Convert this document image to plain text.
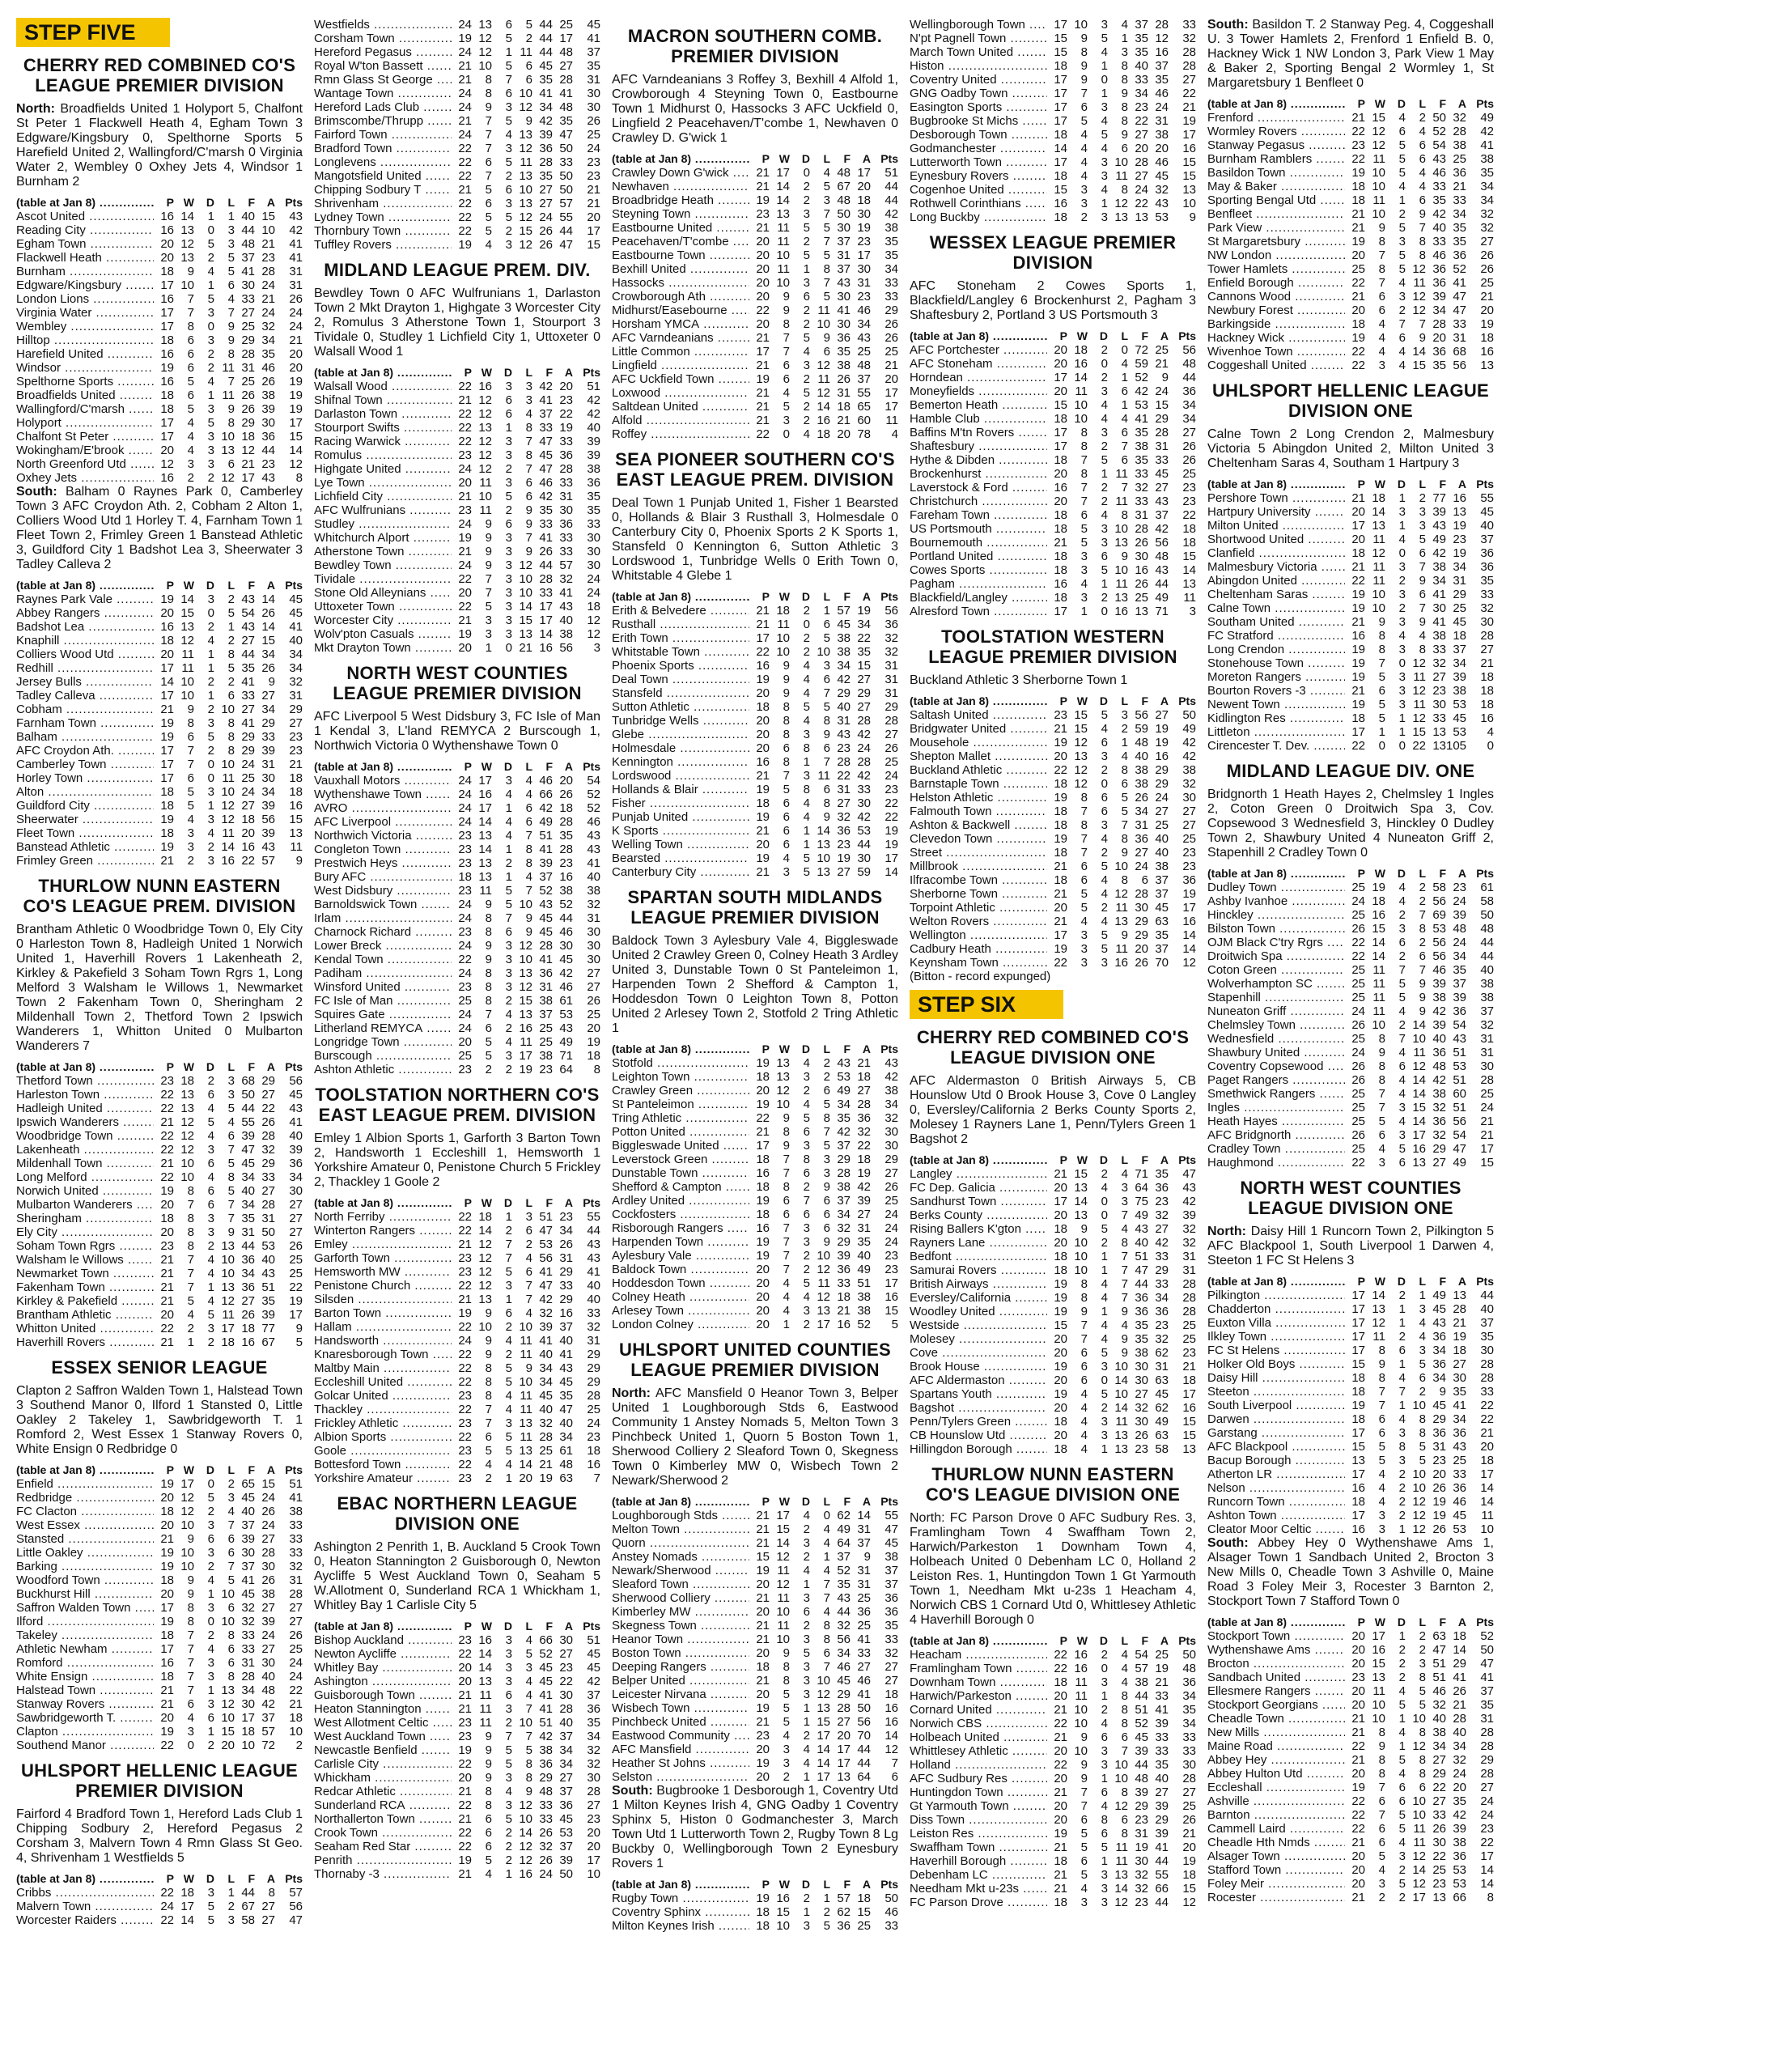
STEP FIVE
CHERRY RED COMBINED CO'S LEAGUE PREMIER DIVISION
North: Broadfields United 1 Holyport 5, Chalfont St Peter 1 Flackwell Heath 4, Egham Town 3 Edgware/Kingsbury 0, Spelthorne Sports 5 Harefield United 2, Wallingford/C'marsh 0 Virginia Water 2, Wembley 0 Oxhey Jets 4, Windsor 1 Burnham 2
(table at Jan 8) .....	P W	D	L	F	A Pts
Ascot United .....	16 14	1	1 40 15	43
Reading City .....	16 13	0	3 44 10	42
Egham Town .....	20 12	5	3 48 21	41
Flackwell Heath .....	20 13	2	5 37 23	41
Burnham .....	18	9	4	5 41 28	31
Edgware/Kingsbury .....	17 10	1	6 30 24	31
London Lions .....	16	7	5	4 33 21	26
Virginia Water .....	17	7	3	7 27 24	24
Wembley .....	17	8	0	9 25 32	24
Hilltop .....	18	6	3	9 29 34	21
Harefield United .....	16	6	2	8 28 35	20
Windsor .....	19	6	2 11 31 46	20
Spelthorne Sports .....	16	5	4	7 25 26	19
Broadfields United .....	18	6	1 11 26 38	19
Wallingford/C'marsh .....	18	5	3	9 26 39	19
Holyport .....	17	4	5	8 29 30	17
Chalfont St Peter .....	17	4	3 10 18 36	15
Wokingham/E'brook .....	20	4	3 13 12 44	14
North Greenford Utd .....	12	3	3	6 21 23	12
Oxhey Jets .....	16	2	2 12 17 43	8
South: Balham 0 Raynes Park 0, Camberley Town 3 AFC Croydon Ath. 2, Cobham 2 Alton 1, Colliers Wood Utd 1 Horley T. 4, Farnham Town 1 Fleet Town 2, Frimley Green 1 Banstead Athletic 3, Guildford City 1 Badshot Lea 3, Sheerwater 3 Tadley Calleva 2
(table at Jan 8) .....	P W	D	L	F	A Pts
Raynes Park Vale .....	19 14	3	2 43 14	45
Abbey Rangers .....	20 15	0	5 54 26	45
Badshot Lea .....	16 13	2	1 43 14	41
Knaphill .....	18 12	4	2 27 15	40
Colliers Wood Utd .....	20 11	1	8 44 34	34
Redhill .....	17 11	1	5 35 26	34
Jersey Bulls .....	14 10	2	2 41	9	32
Tadley Calleva .....	17 10	1	6 33 27	31
Cobham .....	21	9	2 10 27 34	29
Farnham Town .....	19	8	3	8 41 29	27
Balham .....	19	6	5	8 29 33	23
AFC Croydon Ath. .....	17	7	2	8 29 39	23
Camberley Town .....	17	7	0 10 24 31	21
Horley Town .....	17	6	0 11 25 30	18
Alton .....	18	5	3 10 24 34	18
Guildford City .....	18	5	1 12 27 39	16
Sheerwater .....	19	4	3 12 18 56	15
Fleet Town .....	18	3	4 11 20 39	13
Banstead Athletic .....	19	3	2 14 16 43	11
Frimley Green .....	21	2	3 16 22 57	9
THURLOW NUNN EASTERN CO'S LEAGUE PREM. DIVISION
Brantham Athletic 0 Woodbridge Town 0, Ely City 0 Harleston Town 8, Hadleigh United 1 Norwich United 1, Haverhill Rovers 1 Lakenheath 2, Kirkley & Pakefield 3 Soham Town Rgrs 1, Long Melford 3 Walsham le Willows 1, Newmarket Town 2 Fakenham Town 0, Sheringham 2 Mildenhall Town 2, Thetford Town 2 Ipswich Wanderers 1, Whitton United 0 Mulbarton Wanderers 7
(table at Jan 8) .....	P W	D	L	F	A Pts
Thetford Town .....	23 18	2	3 68 29	56
Harleston Town .....	22 13	6	3 50 27	45
Hadleigh United .....	22 13	4	5 44 22	43
Ipswich Wanderers .....	21 12	5	4 55 26	41
Woodbridge Town .....	22 12	4	6 39 28	40
Lakenheath .....	22 12	3	7 47 32	39
Mildenhall Town .....	21 10	6	5 45 29	36
Long Melford .....	22 10	4	8 34 33	34
Norwich United .....	19	8	6	5 40 27	30
Mulbarton Wanderers .....	20	7	6	7 34 28	27
Sheringham .....	18	8	3	7 35 31	27
Ely City .....	20	8	3	9 31 50	27
Soham Town Rgrs .....	23	8	2 13 44 53	26
Walsham le Willows .....	21	7	4 10 36 40	25
Newmarket Town .....	21	7	4 10 34 43	25
Fakenham Town .....	21	7	1 13 36 51	22
Kirkley & Pakefield .....	21	5	4 12 27 35	19
Brantham Athletic .....	20	4	5 11 26 39	17
Whitton United .....	22	2	3 17 18 77	9
Haverhill Rovers .....	21	1	2 18 16 67	5
ESSEX SENIOR LEAGUE
Clapton 2 Saffron Walden Town 1, Halstead Town 3 Southend Manor 0, Ilford 1 Stansted 0, Little Oakley 2 Takeley 1, Sawbridgeworth T. 1 Romford 2, West Essex 1 Stanway Rovers 0, White Ensign 0 Redbridge 0
(table at Jan 8) .....	P W	D	L	F	A Pts
Enfield .....	19 17	0	2 65 15	51
Redbridge .....	20 12	5	3 45 24	41
FC Clacton .....	18 12	2	4 40 26	38
West Essex .....	20 10	3	7 37 24	33
Stansted .....	21	9	6	6 39 27	33
Little Oakley .....	19 10	3	6 30 28	33
Barking .....	19 10	2	7 37 30	32
Woodford Town .....	18	9	4	5 41 26	31
Buckhurst Hill .....	20	9	1 10 45 38	28
Saffron Walden Town .....	17	8	3	6 32 27	27
Ilford .....	19	8	0 10 32 39	27
Takeley .....	18	7	2	8 33 24	26
Athletic Newham .....	17	7	4	6 33 27	25
Romford .....	16	7	3	6 31 30	24
White Ensign .....	18	7	3	8 28 40	24
Halstead Town .....	21	7	1 13 34 48	22
Stanway Rovers .....	21	6	3 12 30 42	21
Sawbridgeworth T. .....	20	4	6 10 17 37	18
Clapton .....	19	3	1 15 18 57	10
Southend Manor .....	22	0	2 20 10 72	2
UHLSPORT HELLENIC LEAGUE PREMIER DIVISION
Fairford 4 Bradford Town 1, Hereford Lads Club 1 Chipping Sodbury 2, Hereford Pegasus 2 Corsham 3, Malvern Town 4 Rmn Glass St Geo. 4, Shrivenham 1 Westfields 5
(table at Jan 8) .....	P W	D	L	F	A Pts
Cribbs .....	22 18	3	1 44	8	57
Malvern Town .....	24 17	5	2 67 27	56
Worcester Raiders .....	22 14	5	3 58 27	47
Westfields .....	24 13	6	5 44 25	45
Corsham Town .....	19 12	5	2 44 17	41
Hereford Pegasus .....	24 12	1 11 44 48	37
Royal W'ton Bassett .....	21 10	5	6 45 27	35
Rmn Glass St George .....	21	8	7	6 35 28	31
Wantage Town .....	24	8	6 10 41 41	30
Hereford Lads Club .....	24	9	3 12 34 48	30
Brimscombe/Thrupp .....	21	7	5	9 42 35	26
Fairford Town .....	24	7	4 13 39 47	25
Bradford Town .....	22	7	3 12 36 50	24
Longlevens .....	22	6	5 11 28 33	23
Mangotsfield United .....	22	7	2 13 35 50	23
Chipping Sodbury T .....	21	5	6 10 27 50	21
Shrivenham .....	22	6	3 13 27 57	21
Lydney Town .....	22	5	5 12 24 55	20
Thornbury Town .....	22	5	2 15 26 44	17
Tuffley Rovers .....	19	4	3 12 26 47	15
MIDLAND LEAGUE PREM. DIV.
Bewdley Town 0 AFC Wulfrunians 1, Darlaston Town 2 Mkt Drayton 1, Highgate 3 Worcester City 2, Romulus 3 Atherstone Town 1, Stourport 3 Tividale 0, Studley 1 Lichfield City 1, Uttoxeter 0 Walsall Wood 1
(table at Jan 8) .....	P W	D	L	F	A Pts
Walsall Wood .....	22 16	3	3 42 20	51
Shifnal Town .....	21 12	6	3 41 23	42
Darlaston Town .....	22 12	6	4 37 22	42
Stourport Swifts .....	22 13	1	8 33 19	40
Racing Warwick .....	22 12	3	7 47 33	39
Romulus .....	23 12	3	8 45 36	39
Highgate United .....	24 12	2	7 47 28	38
Lye Town .....	20 11	3	6 46 33	36
Lichfield City .....	21 10	5	6 42 31	35
AFC Wulfrunians .....	23 11	2	9 35 30	35
Studley .....	24	9	6	9 33 36	33
Whitchurch Alport .....	19	9	3	7 41 33	30
Atherstone Town .....	21	9	3	9 26 33	30
Bewdley Town .....	24	9	3 12 44 57	30
Tividale .....	22	7	3 10 28 32	24
Stone Old Alleynians .....	20	7	3 10 33 41	24
Uttoxeter Town .....	22	5	3 14 17 43	18
Worcester City .....	21	3	3 15 17 40	12
Wolv'pton Casuals .....	19	3	3 13 14 38	12
Mkt Drayton Town .....	20	1	0 21 16 56	3
NORTH WEST COUNTIES LEAGUE PREMIER DIVISION
AFC Liverpool 5 West Didsbury 3, FC Isle of Man 1 Kendal 3, L'land REMYCA 2 Burscough 1, Northwich Victoria 0 Wythenshawe Town 0
(table at Jan 8) .....	P W	D	L	F	A Pts
Vauxhall Motors .....	24 17	3	4 46 20	54
Wythenshawe Town .....	24 16	4	4 66 26	52
AVRO .....	24 17	1	6 42 18	52
AFC Liverpool .....	24 14	4	6 49 28	46
Northwich Victoria .....	23 13	4	7 51 35	43
Congleton Town .....	23 14	1	8 41 28	43
Prestwich Heys .....	23 13	2	8 39 23	41
Bury AFC .....	18 13	1	4 37 16	40
West Didsbury .....	23 11	5	7 52 38	38
Barnoldswick Town .....	24	9	5 10 43 52	32
Irlam .....	24	8	7	9 45 44	31
Charnock Richard .....	23	8	6	9 45 46	30
Lower Breck .....	24	9	3 12 28 30	30
Kendal Town .....	22	9	3 10 41 45	30
Padiham .....	24	8	3 13 36 42	27
Winsford United .....	23	8	3 12 31 46	27
FC Isle of Man .....	25	8	2 15 38 61	26
Squires Gate .....	24	7	4 13 37 53	25
Litherland REMYCA .....	24	6	2 16 25 43	20
Longridge Town .....	20	5	4 11 25 49	19
Burscough .....	25	5	3 17 38 71	18
Ashton Athletic .....	23	2	2 19 23 64	8
TOOLSTATION NORTHERN CO'S EAST LEAGUE PREM. DIVISION
Emley 1 Albion Sports 1, Garforth 3 Barton Town 2, Handsworth 1 Eccleshill 1, Hemsworth 1 Yorkshire Amateur 0, Penistone Church 5 Frickley 2, Thackley 1 Goole 2
(table at Jan 8) .....	P W	D	L	F	A Pts
North Ferriby .....	22 18	1	3 51 23	55
Winterton Rangers .....	22 14	2	6 47 34	44
Emley .....	21 12	7	2 53 26	43
Garforth Town .....	23 12	7	4 56 31	43
Hemsworth MW .....	23 12	5	6 41 29	41
Penistone Church .....	22 12	3	7 47 33	40
Silsden .....	21 13	1	7 42 29	40
Barton Town .....	19	9	6	4 32 16	33
Hallam .....	22 10	2 10 39 37	32
Handsworth .....	24	9	4 11 41 40	31
Knaresborough Town .....	22	9	2 11 40 41	29
Maltby Main .....	22	8	5	9 34 43	29
Eccleshill United .....	22	8	5 10 34 45	29
Golcar United .....	23	8	4 11 45 35	28
Thackley .....	22	7	4 11 40 47	25
Frickley Athletic .....	23	7	3 13 32 40	24
Albion Sports .....	22	6	5 11 28 34	23
Goole .....	23	5	5 13 25 61	18
Bottesford Town .....	22	4	4 14 21 48	16
Yorkshire Amateur .....	23	2	1 20 19 63	7
EBAC NORTHERN LEAGUE DIVISION ONE
Ashington 2 Penrith 1, B. Auckland 5 Crook Town 0, Heaton Stannington 2 Guisborough 0, Newton Aycliffe 5 West Auckland Town 0, Seaham 5 W.Allotment 0, Sunderland RCA 1 Whickham 1, Whitley Bay 1 Carlisle City 5
(table at Jan 8) .....	P W	D	L	F	A Pts
Bishop Auckland .....	23 16	3	4 66 30	51
Newton Aycliffe .....	22 14	3	5 52 27	45
Whitley Bay .....	20 14	3	3 45 23	45
Ashington .....	20 13	3	4 45 22	42
Guisborough Town .....	21 11	6	4 41 30	37
Heaton Stannington .....	21 11	3	7 41 28	36
West Allotment Celtic .....	23 11	2 10 51 40	35
West Auckland Town .....	23	9	7	7 42 37	34
Newcastle Benfield .....	19	9	5	5 38 34	32
Carlisle City .....	22	9	5	8 36 34	32
Whickham .....	20	9	3	8 29 27	30
Redcar Athletic .....	21	8	4	9 48 37	28
Sunderland RCA .....	22	8	3 12 33 36	27
Northallerton Town .....	21	6	5 10 33 45	23
Crook Town .....	22	6	2 14 26 53	20
Seaham Red Star .....	22	6	2 12 32 37	20
Penrith .....	19	5	2 12 26 39	17
Thornaby -3 .....	21	4	1 16 24 50	10
MACRON SOUTHERN COMB. PREMIER DIVISION
AFC Varndeanians 3 Roffey 3, Bexhill 4 Alfold 1, Crowborough 4 Steyning Town 0, Eastbourne Town 1 Midhurst 0, Hassocks 3 AFC Uckfield 0, Lingfield 2 Peacehaven/T'combe 1, Newhaven 0 Crawley D. G'wick 1
(table at Jan 8) .....	P W	D	L	F	A Pts
Crawley Down G'wick .....	21 17	0	4 48 17	51
Newhaven .....	21 14	2	5 67 20	44
Broadbridge Heath .....	19 14	2	3 48 18	44
Steyning Town .....	23 13	3	7 50 30	42
Eastbourne United .....	21 11	5	5 30 19	38
Peacehaven/T'combe .....	20 11	2	7 37 23	35
Eastbourne Town .....	20 10	5	5 31 17	35
Bexhill United .....	20 11	1	8 37 30	34
Hassocks .....	20 10	3	7 43 31	33
Crowborough Ath .....	20	9	6	5 30 23	33
Midhurst/Easebourne .....	22	9	2 11 41 46	29
Horsham YMCA .....	20	8	2 10 30 34	26
AFC Varndeanians .....	21	7	5	9 36 43	26
Little Common .....	17	7	4	6 35 25	25
Lingfield .....	21	6	3 12 38 48	21
AFC Uckfield Town .....	19	6	2 11 26 37	20
Loxwood .....	21	4	5 12 31 55	17
Saltdean United .....	21	5	2 14 18 65	17
Alfold .....	21	3	2 16 21 60	11
Roffey .....	22	0	4 18 20 78	4
SEA PIONEER SOUTHERN CO'S EAST LEAGUE PREM. DIVISION
Deal Town 1 Punjab United 1, Fisher 1 Bearsted 0, Hollands & Blair 3 Rusthall 3, Holmesdale 0 Canterbury City 0, Phoenix Sports 2 K Sports 1, Stansfeld 0 Kennington 6, Sutton Athletic 3 Lordswood 1, Tunbridge Wells 0 Erith Town 0, Whitstable 4 Glebe 1
(table at Jan 8) .....	P W	D	L	F	A Pts
Erith & Belvedere .....	21 18	2	1 57 19	56
Rusthall .....	21 11	0	6 45 34	36
Erith Town .....	17 10	2	5 38 22	32
Whitstable Town .....	22 10	2 10 38 35	32
Phoenix Sports .....	16	9	4	3 34 15	31
Deal Town .....	19	9	4	6 42 27	31
Stansfeld .....	20	9	4	7 29 29	31
Sutton Athletic .....	18	8	5	5 40 27	29
Tunbridge Wells .....	20	8	4	8 31 28	28
Glebe .....	20	8	3	9 43 42	27
Holmesdale .....	20	6	8	6 23 24	26
Kennington .....	16	8	1	7 28 28	25
Lordswood .....	21	7	3 11 22 42	24
Hollands & Blair .....	19	5	8	6 31 33	23
Fisher .....	18	6	4	8 27 30	22
Punjab United .....	19	6	4	9 32 42	22
K Sports .....	21	6	1 14 36 53	19
Welling Town .....	20	6	1 13 23 44	19
Bearsted .....	19	4	5 10 19 30	17
Canterbury City .....	21	3	5 13 27 59	14
SPARTAN SOUTH MIDLANDS LEAGUE PREMIER DIVISION
Baldock Town 3 Aylesbury Vale 4, Biggleswade United 2 Crawley Green 0, Colney Heath 3 Ardley United 3, Dunstable Town 0 St Panteleimon 1, Harpenden Town 2 Shefford & Campton 1, Hoddesdon Town 0 Leighton Town 8, Potton United 2 Arlesey Town 2, Stotfold 2 Tring Athletic 1
(table at Jan 8) .....	P W	D	L	F	A Pts
Stotfold .....	19 13	4	2 43 21	43
Leighton Town .....	18 13	3	2 53 18	42
Crawley Green .....	20 12	2	6 49 27	38
St Panteleimon .....	19 10	4	5 34 28	34
Tring Athletic .....	22	9	5	8 35 36	32
Potton United .....	21	8	6	7 42 32	30
Biggleswade United .....	17	9	3	5 37 22	30
Leverstock Green .....	18	7	8	3 29 18	29
Dunstable Town .....	16	7	6	3 28 19	27
Shefford & Campton .....	18	8	2	9 38 42	26
Ardley United .....	19	6	7	6 37 39	25
Cockfosters .....	18	6	6	6 34 27	24
Risborough Rangers .....	16	7	3	6 32 31	24
Harpenden Town .....	19	7	3	9 29 35	24
Aylesbury Vale .....	19	7	2 10 39 40	23
Baldock Town .....	20	7	2 12 36 49	23
Hoddesdon Town .....	20	4	5 11 33 51	17
Colney Heath .....	20	4	4 12 18 38	16
Arlesey Town .....	20	4	3 13 21 38	15
London Colney .....	20	1	2 17 16 52	5
UHLSPORT UNITED COUNTIES LEAGUE PREMIER DIVISION
North: AFC Mansfield 0 Heanor Town 3, Belper United 1 Loughborough Stds 6, Eastwood Community 1 Anstey Nomads 5, Melton Town 3 Pinchbeck United 1, Quorn 5 Boston Town 1, Sherwood Colliery 2 Sleaford Town 0, Skegness Town 0 Kimberley MW 0, Wisbech Town 2 Newark/Sherwood 2
(table at Jan 8) .....	P W	D	L	F	A Pts
Loughborough Stds .....	21 17	4	0 62 14	55
Melton Town .....	21 15	2	4 49 31	47
Quorn .....	21 14	3	4 64 37	45
Anstey Nomads .....	15 12	2	1 37	9	38
Newark/Sherwood .....	19 11	4	4 52 31	37
Sleaford Town .....	20 12	1	7 35 31	37
Sherwood Colliery .....	21 11	3	7 43 25	36
Kimberley MW .....	20 10	6	4 44 36	36
Skegness Town .....	21 11	2	8 32 25	35
Heanor Town .....	21 10	3	8 56 41	33
Boston Town .....	20	9	5	6 34 33	32
Deeping Rangers .....	18	8	3	7 46 27	27
Belper United .....	21	8	3 10 45 46	27
Leicester Nirvana .....	20	5	3 12 29 41	18
Wisbech Town .....	19	5	1 13 28 50	16
Pinchbeck United .....	21	5	1 15 27 56	16
Eastwood Community .....	23	4	2 17 20 70	14
AFC Mansfield .....	20	3	4 14 17 44	12
Heather St Johns .....	19	3	4 14 17 44	7
Selston .....	20	2	1 17 13 64	6
South: Bugbrooke 1 Desborough 1, Coventry Utd 1 Milton Keynes Irish 4, GNG Oadby 1 Coventry Sphinx 5, Histon 0 Godmanchester 3, March Town Utd 1 Lutterworth Town 2, Rugby Town 8 Lg Buckby 0, Wellingborough Town 2 Eynesbury Rovers 1
(table at Jan 8) .....	P W	D	L	F	A Pts
Rugby Town .....	19 16	2	1 57 18	50
Coventry Sphinx .....	18 15	1	2 62 15	46
Milton Keynes Irish .....	18 10	3	5 36 25	33
Wellingborough Town .....	17 10	3	4 37 28	33
N'pt Pagnell Town .....	15	9	5	1 35 12	32
March Town United .....	15	8	4	3 35 16	28
Histon .....	18	9	1	8 40 37	28
Coventry United .....	17	9	0	8 33 35	27
GNG Oadby Town .....	17	7	1	9 34 46	22
Easington Sports .....	17	6	3	8 23 24	21
Bugbrooke St Michs .....	17	5	4	8 22 31	19
Desborough Town .....	18	4	5	9 27 38	17
Godmanchester .....	14	4	4	6 20 20	16
Lutterworth Town .....	17	4	3 10 28 46	15
Eynesbury Rovers .....	18	4	3 11 27 45	15
Cogenhoe United .....	15	3	4	8 24 32	13
Rothwell Corinthians .....	16	3	1 12 22 43	10
Long Buckby .....	18	2	3 13 13 53	9
WESSEX LEAGUE PREMIER DIVISION
AFC Stoneham 2 Cowes Sports 1, Blackfield/Langley 6 Brockenhurst 2, Pagham 3 Shaftesbury 2, Portland 3 US Portsmouth 3
(table at Jan 8) .....	P W	D	L	F	A Pts
AFC Portchester .....	20 18	2	0 72 25	56
AFC Stoneham .....	20 16	0	4 59 21	48
Horndean .....	17 14	2	1 52	9	44
Moneyfields .....	20 11	3	6 42 24	36
Bemerton Heath .....	15 10	4	1 53 15	34
Hamble Club .....	18 10	4	4 41 29	34
Baffins M'tn Rovers .....	17	8	3	6 35 28	27
Shaftesbury .....	17	8	2	7 38 31	26
Hythe & Dibden .....	18	7	5	6 35 33	26
Brockenhurst .....	20	8	1 11 33 45	25
Laverstock & Ford .....	16	7	2	7 32 27	23
Christchurch .....	20	7	2 11 33 43	23
Fareham Town .....	18	6	4	8 31 37	22
US Portsmouth .....	18	5	3 10 28 42	18
Bournemouth .....	21	5	3 13 26 56	18
Portland United .....	18	3	6	9 30 48	15
Cowes Sports .....	18	3	5 10 16 43	14
Pagham .....	16	4	1 11 26 44	13
Blackfield/Langley .....	18	3	2 13 25 49	11
Alresford Town .....	17	1	0 16 13 71	3
TOOLSTATION WESTERN LEAGUE PREMIER DIVISION
Buckland Athletic 3 Sherborne Town 1
(table at Jan 8) .....	P W	D	L	F	A Pts
Saltash United .....	23 15	5	3 56 27	50
Bridgwater United .....	21 15	4	2 59 19	49
Mousehole .....	19 12	6	1 48 19	42
Shepton Mallet .....	20 13	3	4 40 16	42
Buckland Athletic .....	22 12	2	8 38 29	38
Barnstaple Town .....	18 12	0	6 38 29	32
Helston Athletic .....	19	8	6	5 26 24	30
Falmouth Town .....	18	7	6	5 34 27	27
Ashton & Backwell .....	18	8	3	7 31 25	27
Clevedon Town .....	19	7	4	8 36 40	25
Street .....	18	7	2	9 27 40	23
Millbrook .....	21	6	5 10 24 38	23
Ilfracombe Town .....	18	6	4	8	6 37	36
Sherborne Town .....	21	5	4 12 28 37	19
Torpoint Athletic .....	20	5	2 11 30 45	17
Welton Rovers .....	21	4	4 13 29 63	16
Wellington .....	17	3	5	9 29 35	14
Cadbury Heath .....	19	3	5 11 20 37	14
Keynsham Town .....	22	3	3 16 26 70	12
(Bitton - record expunged)
STEP SIX
CHERRY RED COMBINED CO'S LEAGUE DIVISION ONE
AFC Aldermaston 0 British Airways 5, CB Hounslow Utd 0 Brook House 3, Cove 0 Langley 0, Eversley/California 2 Berks County Sports 2, Molesey 1 Rayners Lane 1, Penn/Tylers Green 1 Bagshot 2
(table at Jan 8) .....	P W	D	L	F	A Pts
Langley .....	21 15	2	4 71 35	47
FC Dep. Galicia .....	20 13	4	3 64 36	43
Sandhurst Town .....	17 14	0	3 75 23	42
Berks County .....	20 13	0	7 49 32	39
Rising Ballers K'gton .....	18	9	5	4 43 27	32
Rayners Lane .....	20 10	2	8 40 42	32
Bedfont .....	18 10	1	7 51 33	31
Samurai Rovers .....	18 10	1	7 47 29	31
British Airways .....	19	8	4	7 44 33	28
Eversley/California .....	19	8	4	7 36 34	28
Woodley United .....	19	9	1	9 36 36	28
Westside .....	15	7	4	4 35 23	25
Molesey .....	20	7	4	9 35 32	25
Cove .....	20	6	5	9 38 62	23
Brook House .....	19	6	3 10 30 31	21
AFC Aldermaston .....	20	6	0 14 30 63	18
Spartans Youth .....	19	4	5 10 27 45	17
Bagshot .....	20	4	2 14 32 62	16
Penn/Tylers Green .....	18	4	3 11 30 49	15
CB Hounslow Utd .....	20	4	3 13 26 63	15
Hillingdon Borough .....	18	4	1 13 23 58	13
THURLOW NUNN EASTERN CO'S LEAGUE DIVISION ONE
North: FC Parson Drove 0 AFC Sudbury Res. 3, Framlingham Town 4 Swaffham Town 2, Harwich/Parkeston 1 Downham Town 4, Holbeach United 0 Debenham LC 0, Holland 2 Leiston Res. 1, Huntingdon Town 1 Gt Yarmouth Town 1, Needham Mkt u-23s 1 Heacham 4, Norwich CBS 1 Cornard Utd 0, Whittlesey Athletic 4 Haverhill Borough 0
(table at Jan 8) .....	P W	D	L	F	A Pts
Heacham .....	22 16	2	4 54 25	50
Framlingham Town .....	22 16	0	4 57 19	48
Downham Town .....	18 11	3	4 38 21	36
Harwich/Parkeston .....	20 11	1	8 44 33	34
Cornard United .....	21 10	2	8 51 41	35
Norwich CBS .....	22 10	4	8 52 39	34
Holbeach United .....	21	9	6	6 45 33	33
Whittlesey Athletic .....	20 10	3	7 39 33	33
Holland .....	22	9	3 10 44 35	30
AFC Sudbury Res .....	20	9	1 10 48 40	28
Huntingdon Town .....	21	7	6	8 39 27	27
Gt Yarmouth Town .....	20	7	4 12 29 39	25
Diss Town .....	20	6	8	6 23 29	26
Leiston Res .....	19	5	6	8 31 39	21
Swaffham Town .....	21	5	5 11 19 41	20
Haverhill Borough .....	18	6	1 11 30 44	19
Debenham LC .....	21	5	3 13 32 55	18
Needham Mkt u-23s .....	21	4	3 14 32 66	15
FC Parson Drove .....	18	3	3 12 23 44	12
South: Basildon T. 2 Stanway Peg. 4, Coggeshall U. 3 Tower Hamlets 2, Frenford 1 Enfield B. 0, Hackney Wick 1 NW London 3, Park View 1 May & Baker 2, Sporting Bengal 2 Wormley 1, St Margaretsbury 1 Benfleet 0
(table at Jan 8) .....	P W	D	L	F	A Pts
Frenford .....	21 15	4	2 50 32	49
Wormley Rovers .....	22 12	6	4 52 28	42
Stanway Pegasus .....	23 12	5	6 54 38	41
Burnham Ramblers .....	22 11	5	6 43 25	38
Basildon Town .....	19 10	5	4 46 36	35
May & Baker .....	18 10	4	4 33 21	34
Sporting Bengal Utd .....	18 11	1	6 35 33	34
Benfleet .....	21 10	2	9 42 34	32
Park View .....	21	9	5	7 40 35	32
St Margaretsbury .....	19	8	3	8 33 35	27
NW London .....	20	7	5	8 46 36	26
Tower Hamlets .....	25	8	5 12 36 52	26
Enfield Borough .....	22	7	4 11 36 41	25
Cannons Wood .....	21	6	3 12 39 47	21
Newbury Forest .....	20	6	2 12 34 47	20
Barkingside .....	18	4	7	7 28 33	19
Hackney Wick .....	19	4	6	9 20 31	18
Wivenhoe Town .....	22	4	4 14 36 68	16
Coggeshall United .....	22	3	4 15 35 56	13
UHLSPORT HELLENIC LEAGUE DIVISION ONE
Calne Town 2 Long Crendon 2, Malmesbury Victoria 5 Abingdon United 2, Milton United 3 Cheltenham Saras 4, Southam 1 Hartpury 3
(table at Jan 8) .....	P W	D	L	F	A Pts
Pershore Town .....	21 18	1	2 77 16	55
Hartpury University .....	20 14	3	3 39 13	45
Milton United .....	17 13	1	3 43 19	40
Shortwood United .....	20 11	4	5 49 23	37
Clanfield .....	18 12	0	6 42 19	36
Malmesbury Victoria .....	21 11	3	7 38 34	36
Abingdon United .....	22 11	2	9 34 31	35
Cheltenham Saras .....	19 10	3	6 41 29	33
Calne Town .....	19 10	2	7 30 25	32
Southam United .....	21	9	3	9 41 45	30
FC Stratford .....	16	8	4	4 38 18	28
Long Crendon .....	19	8	3	8 33 37	27
Stonehouse Town .....	19	7	0 12 32 34	21
Moreton Rangers .....	19	5	3 11 27 39	18
Bourton Rovers -3 .....	21	6	3 12 23 38	18
Newent Town .....	19	5	3 11 30 53	18
Kidlington Res .....	18	5	1 12 33 45	16
Littleton .....	17	1	1 15 13 53	4
Cirencester T. Dev. .....	22	0	0 22 13 105	0
MIDLAND LEAGUE DIV. ONE
Bridgnorth 1 Heath Hayes 2, Chelmsley 1 Ingles 2, Coton Green 0 Droitwich Spa 3, Cov. Copsewood 3 Wednesfield 3, Hinckley 0 Dudley Town 2, Shawbury United 4 Nuneaton Griff 2, Stapenhill 2 Cradley Town 0
(table at Jan 8) .....	P W	D	L	F	A Pts
Dudley Town .....	25 19	4	2 58 23	61
Ashby Ivanhoe .....	24 18	4	2 56 24	58
Hinckley .....	25 16	2	7 69 39	50
Bilston Town .....	26 15	3	8 53 48	48
OJM Black C'try Rgrs .....	22 14	6	2 56 24	44
Droitwich Spa .....	22 14	2	6 56 34	44
Coton Green .....	25 11	7	7 46 35	40
Wolverhampton SC .....	25 11	5	9 39 37	38
Stapenhill .....	25 11	5	9 38 39	38
Nuneaton Griff .....	24 11	4	9 42 36	37
Chelmsley Town .....	26 10	2 14 39 54	32
Wednesfield .....	25	8	7 10 40 43	31
Shawbury United .....	24	9	4 11 36 51	31
Coventry Copsewood .....	26	8	6 12 48 53	30
Paget Rangers .....	26	8	4 14 42 51	28
Smethwick Rangers .....	25	7	4 14 38 60	25
Ingles .....	25	7	3 15 32 51	24
Heath Hayes .....	25	5	4 14 36 56	21
AFC Bridgnorth .....	26	6	3 17 32 54	21
Cradley Town .....	25	4	5 16 29 47	17
Haughmond .....	22	3	6 13 27 49	15
NORTH WEST COUNTIES LEAGUE DIVISION ONE
North: Daisy Hill 1 Runcorn Town 2, Pilkington 5 AFC Blackpool 1, South Liverpool 1 Darwen 4, Steeton 1 FC St Helens 3
(table at Jan 8) .....	P W	D	L	F	A Pts
Pilkington .....	17 14	2	1 49 13	44
Chadderton .....	17 13	1	3 45 28	40
Euxton Villa .....	17 12	1	4 43 21	37
Ilkley Town .....	17 11	2	4 36 19	35
FC St Helens .....	17	8	6	3 34 18	30
Holker Old Boys .....	15	9	1	5 36 27	28
Daisy Hill .....	18	8	4	6 34 30	28
Steeton .....	18	7	7	2	9 35	33
South Liverpool .....	19	7	1 10 45 41	22
Darwen .....	18	6	4	8 29 34	22
Garstang .....	17	6	3	8 36 36	21
AFC Blackpool .....	15	5	8	5 31 43	20
Bacup Borough .....	13	5	3	5 23 25	18
Atherton LR .....	17	4	2 10 20 33	17
Nelson .....	16	4	2 10 26 36	14
Runcorn Town .....	18	4	2 12 19 46	14
Ashton Town .....	17	3	2 12 19 45	11
Cleator Moor Celtic .....	16	3	1 12 26 53	10
South: Abbey Hey 0 Wythenshawe Ams 1, Alsager Town 1 Sandbach United 2, Brocton 3 New Mills 0, Cheadle Town 3 Ashville 0, Maine Road 3 Foley Meir 3, Rocester 3 Barnton 2, Stockport Town 7 Stafford Town 0
(table at Jan 8) .....	P W	D	L	F	A Pts
Stockport Town .....	20 17	1	2 63 18	52
Wythenshawe Ams .....	20 16	2	2 47 14	50
Brocton .....	20 15	2	3 51 29	47
Sandbach United .....	23 13	2	8 51 41	41
Ellesmere Rangers .....	20 11	4	5 46 26	37
Stockport Georgians .....	20 10	5	5 32 21	35
Cheadle Town .....	21 10	1 10 40 28	31
New Mills .....	21	8	4	8 38 40	28
Maine Road .....	22	9	1 12 34 34	28
Abbey Hey .....	21	8	5	8 27 32	29
Abbey Hulton Utd .....	20	8	4	8 29 24	28
Eccleshall .....	19	7	6	6 22 20	27
Ashville .....	22	6	6 10 27 35	24
Barnton .....	22	7	5 10 33 42	24
Cammell Laird .....	22	6	5 11 26 39	23
Cheadle Hth Nmds .....	21	6	4 11 30 38	22
Alsager Town .....	20	5	3 12 22 36	17
Stafford Town .....	20	4	2 14 25 53	14
Foley Meir .....	20	3	5 12 23 53	14
Rocester .....	21	2	2 17 13 66	8
